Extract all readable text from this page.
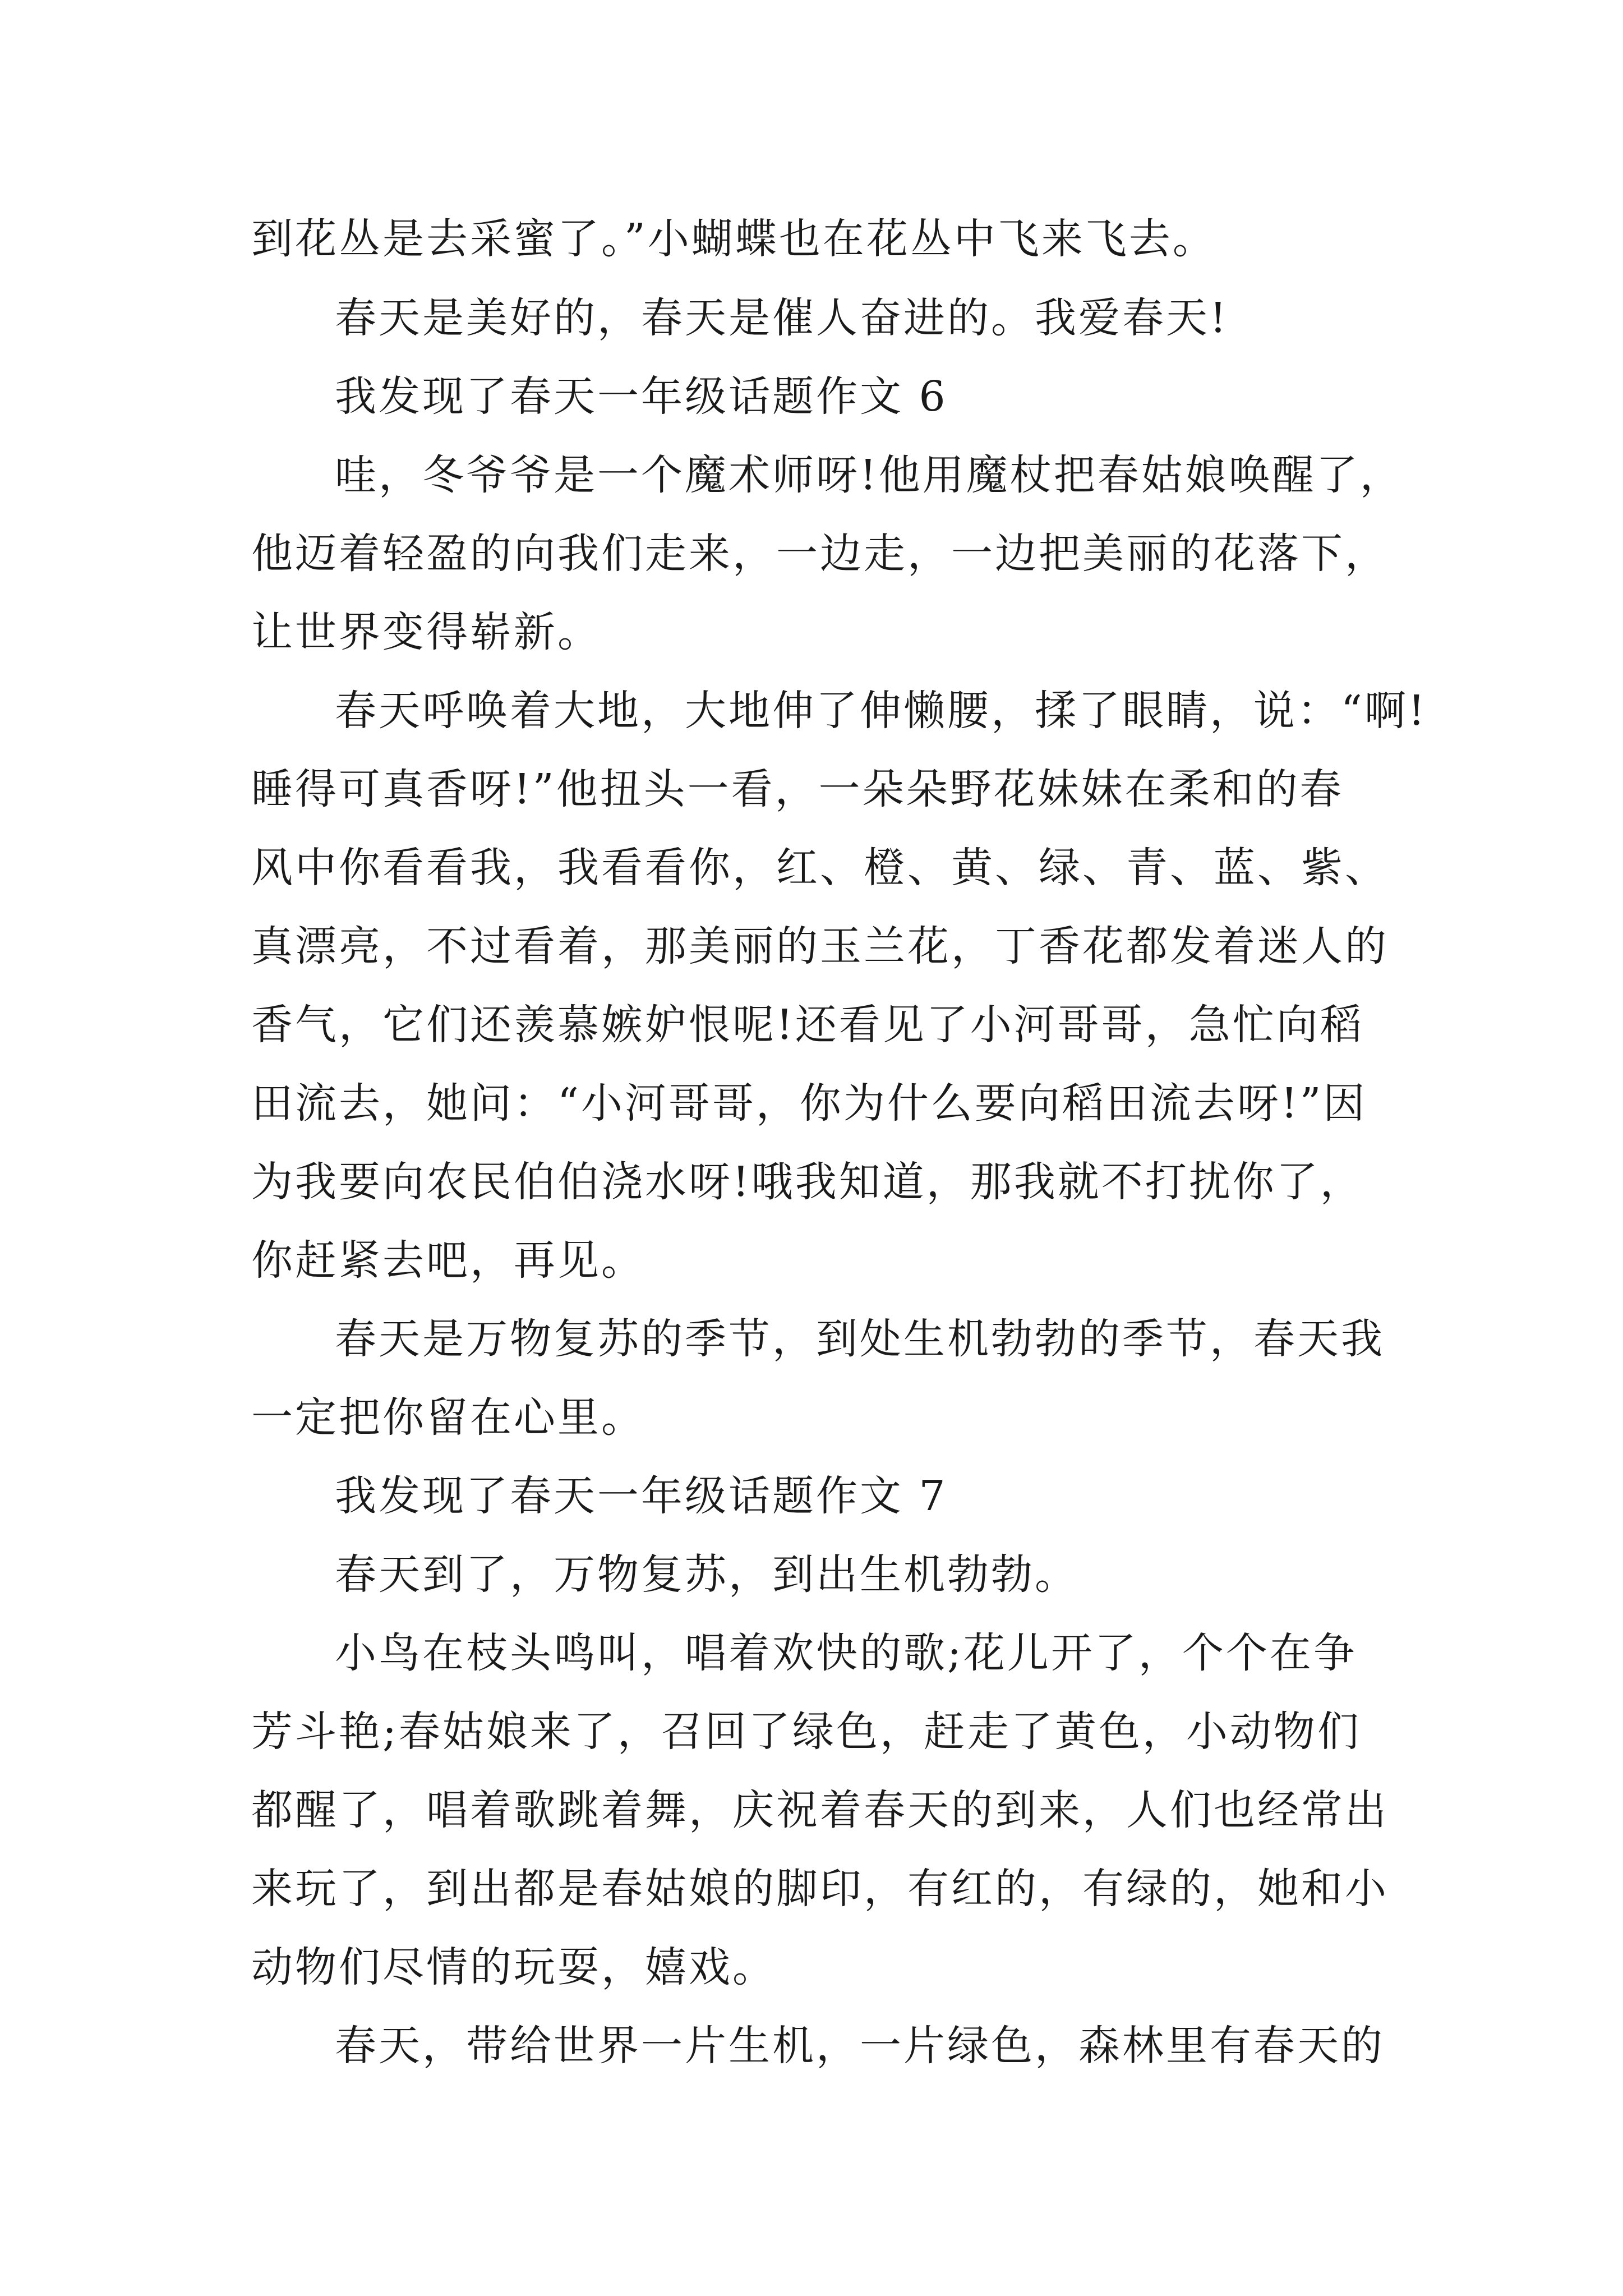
到花丛是去采蜜了。”小蝴蝶也在花丛中飞来飞去。
春天是美好的，春天是催人奋进的。我爱春天!
我发现了春天一年级话题作文 6
哇，冬爷爷是一个魔术师呀!他用魔杖把春姑娘唤醒了，
他迈着轻盈的向我们走来，一边走，一边把美丽的花落下，
让世界变得崭新。
春天呼唤着大地，大地伸了伸懒腰，揉了眼睛，说：“啊!
睡得可真香呀!”他扭头一看，一朵朵野花妹妹在柔和的春
风中你看看我，我看看你，红、橙、黄、绿、青、蓝、紫、
真漂亮，不过看着，那美丽的玉兰花，丁香花都发着迷人的
香气，它们还羡慕嫉妒恨呢!还看见了小河哥哥，急忙向稻
田流去，她问：“小河哥哥，你为什么要向稻田流去呀!”因
为我要向农民伯伯浇水呀!哦我知道，那我就不打扰你了，
你赶紧去吧，再见。
春天是万物复苏的季节，到处生机勃勃的季节，春天我
一定把你留在心里。
我发现了春天一年级话题作文 7
春天到了，万物复苏，到出生机勃勃。
小鸟在枝头鸣叫，唱着欢快的歌;花儿开了，个个在争
芳斗艳;春姑娘来了，召回了绿色，赶走了黄色，小动物们
都醒了，唱着歌跳着舞，庆祝着春天的到来，人们也经常出
来玩了，到出都是春姑娘的脚印，有红的，有绿的，她和小
动物们尽情的玩耍，嬉戏。
春天，带给世界一片生机，一片绿色，森林里有春天的
